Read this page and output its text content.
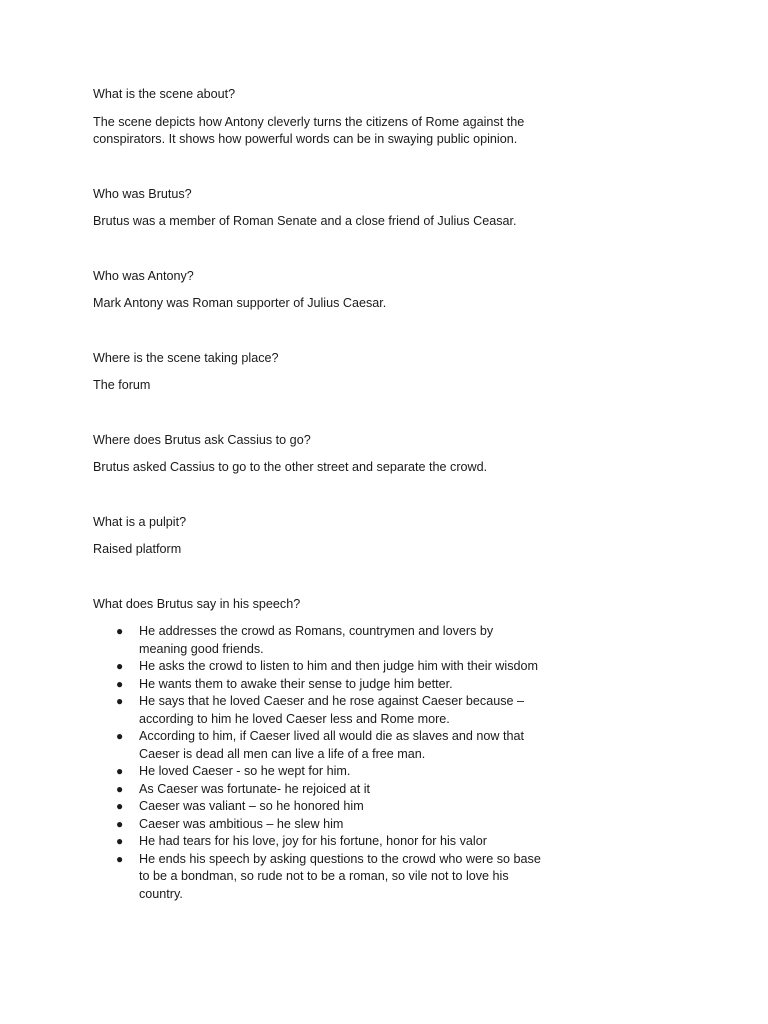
What is the scene about?

The scene depicts how Antony cleverly turns the citizens of Rome against the conspirators. It shows how powerful words can be in swaying public opinion.

Who was Brutus?

Brutus was a member of Roman Senate and a close friend of Julius Ceasar.

Who was Antony?

Mark Antony was Roman supporter of Julius Caesar.

Where is the scene taking place?

The forum

Where does Brutus ask Cassius to go?

Brutus asked Cassius to go to the other street and separate the crowd.

What is a pulpit?

Raised platform

What does Brutus say in his speech?

● He addresses the crowd as Romans, countrymen and lovers by meaning good friends.
● He asks the crowd to listen to him and then judge him with their wisdom
● He wants them to awake their sense to judge him better.
● He says that he loved Caeser and he rose against Caeser because – according to him he loved Caeser less and Rome more.
● According to him, if Caeser lived all would die as slaves and now that Caeser is dead all men can live a life of a free man.
● He loved Caeser - so he wept for him.
● As Caeser was fortunate- he rejoiced at it
● Caeser was valiant – so he honored him
● Caeser was ambitious – he slew him
● He had tears for his love, joy for his fortune, honor for his valor
● He ends his speech by asking questions to the crowd who were so base to be a bondman, so rude not to be a roman, so vile not to love his country.
